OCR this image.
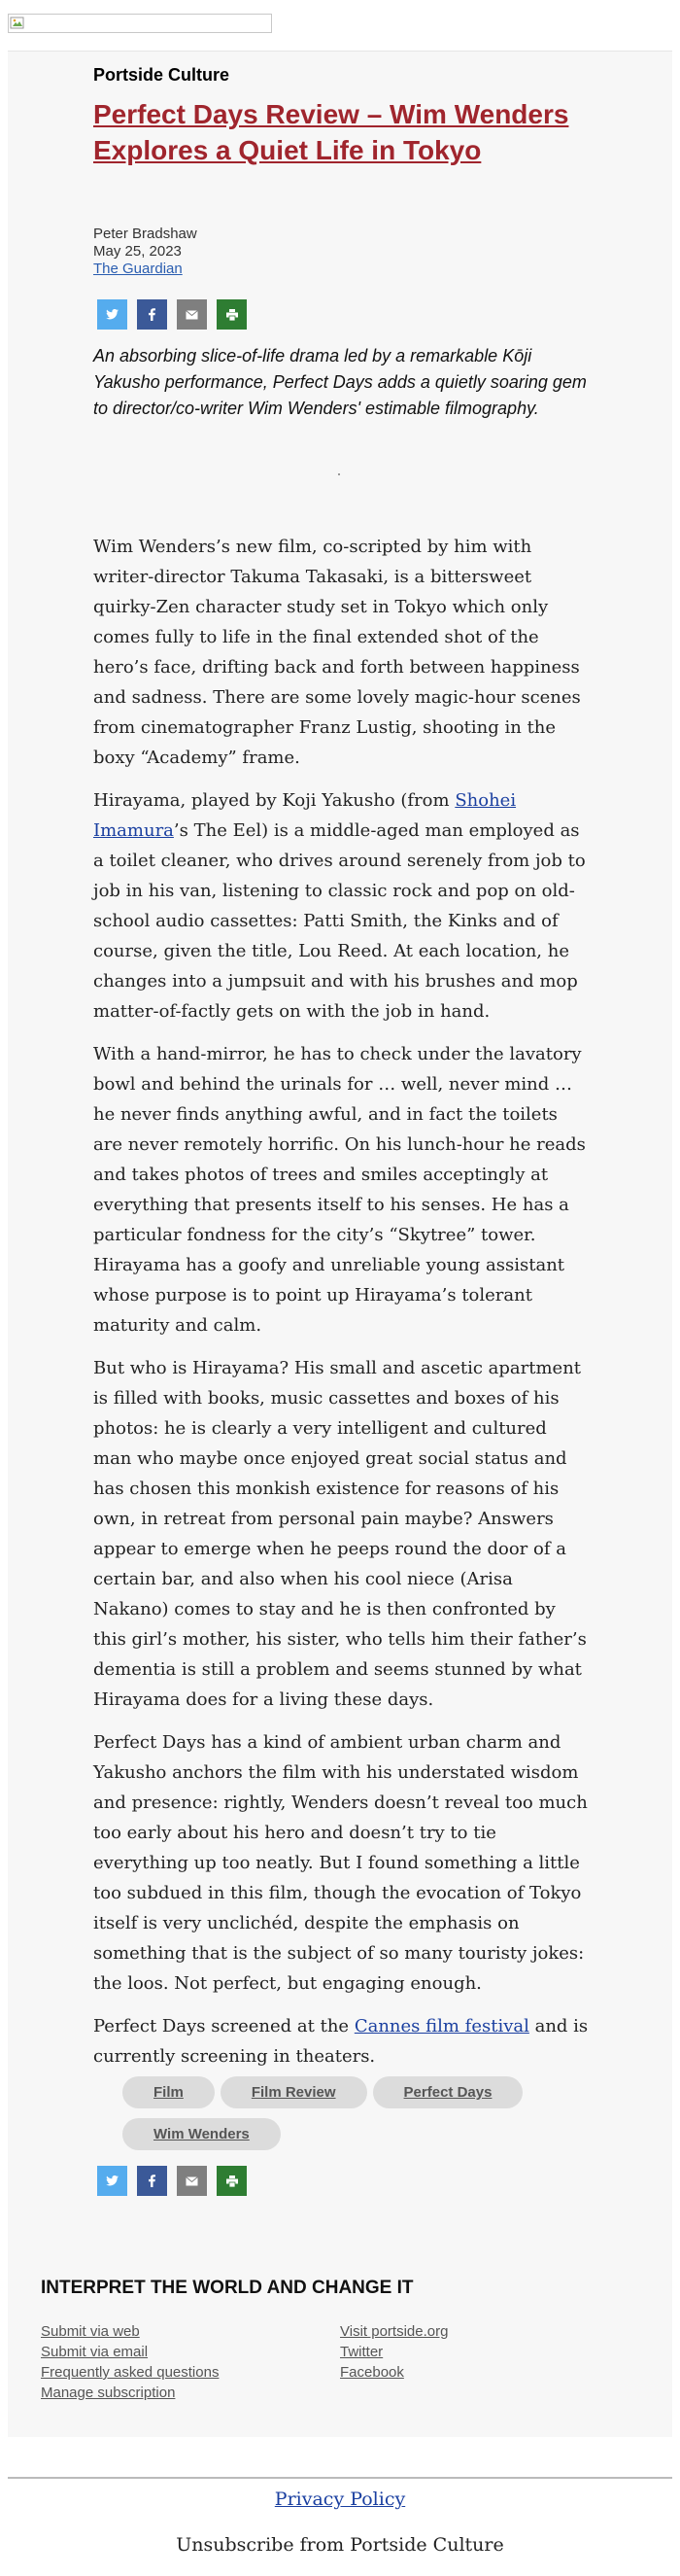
Portside Culture
Perfect Days Review – Wim Wenders Explores a Quiet Life in Tokyo
Peter Bradshaw
May 25, 2023
The Guardian
An absorbing slice-of-life drama led by a remarkable Kōji Yakusho performance, Perfect Days adds a quietly soaring gem to director/co-writer Wim Wenders' estimable filmography.

Wim Wenders’s new film, co-scripted by him with writer-director Takuma Takasaki, is a bittersweet quirky-Zen character study set in Tokyo which only comes fully to life in the final extended shot of the hero’s face, drifting back and forth between happiness and sadness. There are some lovely magic-hour scenes from cinematographer Franz Lustig, shooting in the boxy “Academy” frame.

Hirayama, played by Koji Yakusho (from Shohei Imamura’s The Eel) is a middle-aged man employed as a toilet cleaner, who drives around serenely from job to job in his van, listening to classic rock and pop on old-school audio cassettes: Patti Smith, the Kinks and of course, given the title, Lou Reed. At each location, he changes into a jumpsuit and with his brushes and mop matter-of-factly gets on with the job in hand.

With a hand-mirror, he has to check under the lavatory bowl and behind the urinals for … well, never mind … he never finds anything awful, and in fact the toilets are never remotely horrific. On his lunch-hour he reads and takes photos of trees and smiles acceptingly at everything that presents itself to his senses. He has a particular fondness for the city’s “Skytree” tower. Hirayama has a goofy and unreliable young assistant whose purpose is to point up Hirayama’s tolerant maturity and calm.

But who is Hirayama? His small and ascetic apartment is filled with books, music cassettes and boxes of his photos: he is clearly a very intelligent and cultured man who maybe once enjoyed great social status and has chosen this monkish existence for reasons of his own, in retreat from personal pain maybe? Answers appear to emerge when he peeps round the door of a certain bar, and also when his cool niece (Arisa Nakano) comes to stay and he is then confronted by this girl’s mother, his sister, who tells him their father’s dementia is still a problem and seems stunned by what Hirayama does for a living these days.

Perfect Days has a kind of ambient urban charm and Yakusho anchors the film with his understated wisdom and presence: rightly, Wenders doesn’t reveal too much too early about his hero and doesn’t try to tie everything up too neatly. But I found something a little too subdued in this film, though the evocation of Tokyo itself is very unclichéd, despite the emphasis on something that is the subject of so many touristy jokes: the loos. Not perfect, but engaging enough.

Perfect Days screened at the Cannes film festival and is currently screening in theaters.

Film	Film Review	Perfect Days
Wim Wenders
INTERPRET THE WORLD AND CHANGE IT
Submit via web
Submit via email
Frequently asked questions
Manage subscription
Visit portside.org
Twitter
Facebook
Privacy Policy
Unsubscribe from Portside Culture
